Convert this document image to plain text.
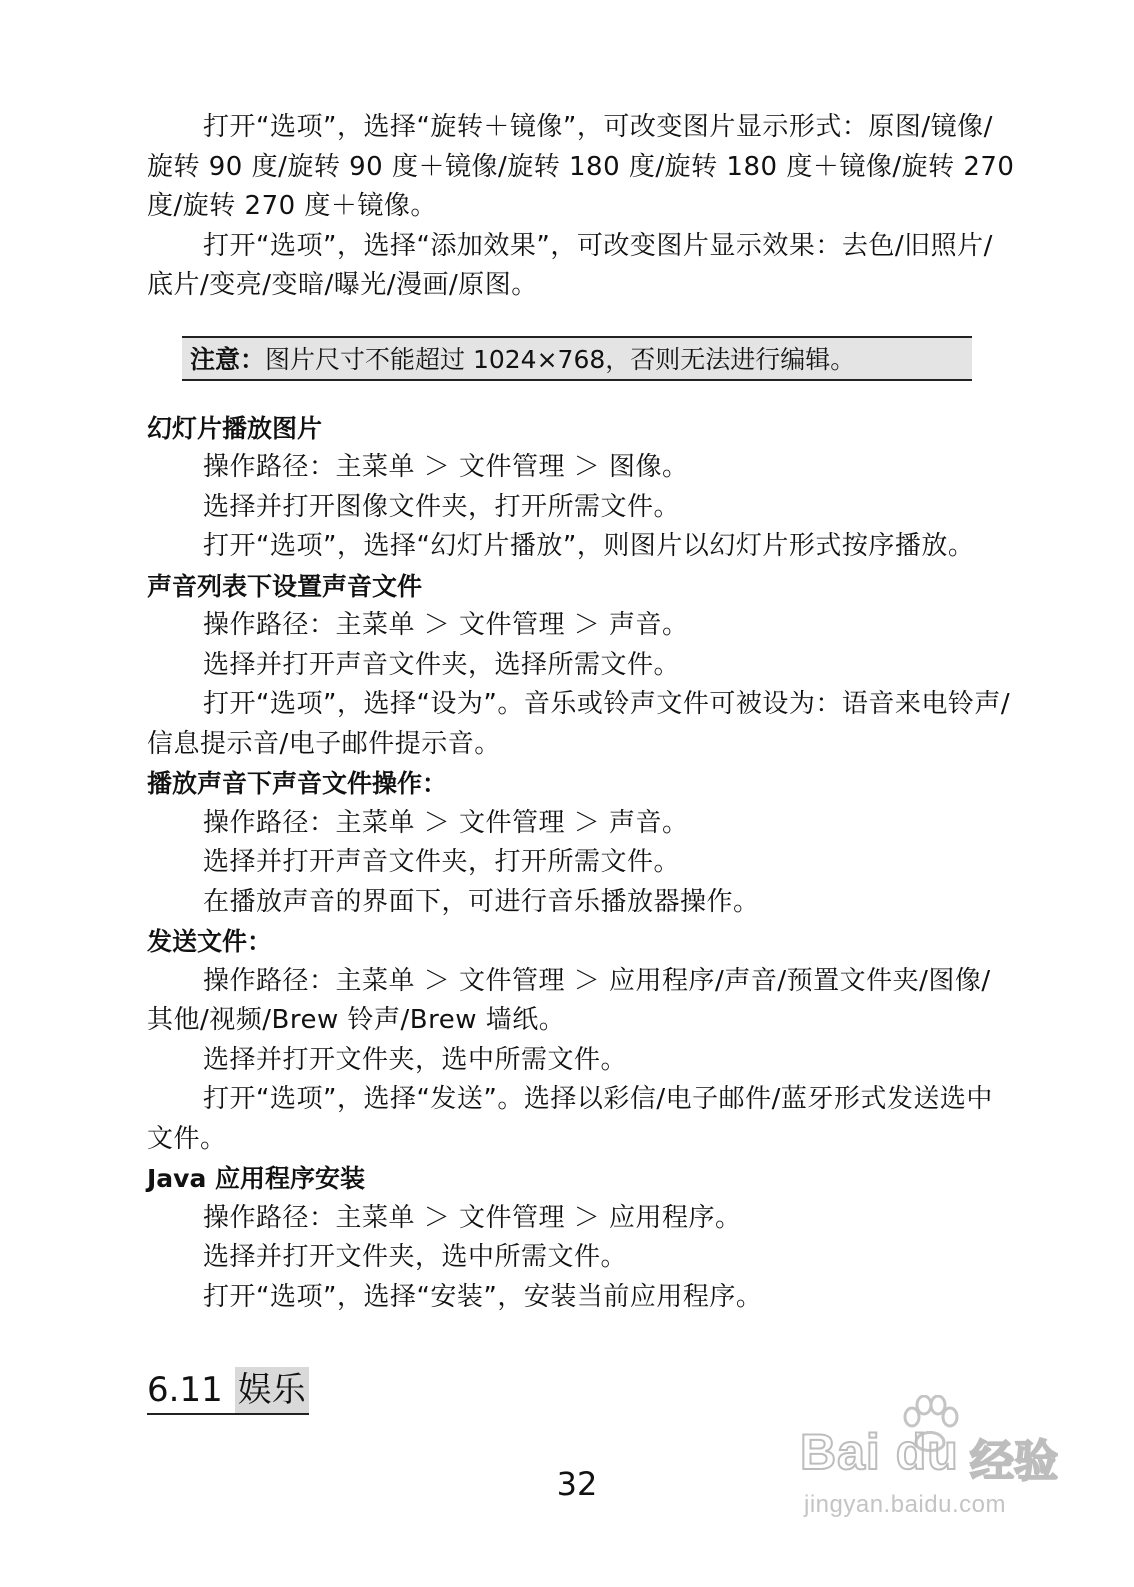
打开“选项”，选择“旋转＋镜像”，可改变图片显示形式：原图/镜像/旋转 90 度/旋转 90 度＋镜像/旋转 180 度/旋转 180 度＋镜像/旋转 270 度/旋转 270 度＋镜像。

打开“选项”，选择“添加效果”，可改变图片显示效果：去色/旧照片/底片/变亮/变暗/曝光/漫画/原图。

注意：图片尺寸不能超过 1024×768，否则无法进行编辑。

幻灯片播放图片

操作路径：主菜单 ＞ 文件管理 ＞ 图像。

选择并打开图像文件夹，打开所需文件。

打开“选项”，选择“幻灯片播放”，则图片以幻灯片形式按序播放。

声音列表下设置声音文件

操作路径：主菜单 ＞ 文件管理 ＞ 声音。

选择并打开声音文件夹，选择所需文件。

打开“选项”，选择“设为”。音乐或铃声文件可被设为：语音来电铃声/信息提示音/电子邮件提示音。

播放声音下声音文件操作：

操作路径：主菜单 ＞ 文件管理 ＞ 声音。

选择并打开声音文件夹，打开所需文件。

在播放声音的界面下，可进行音乐播放器操作。

发送文件：

操作路径：主菜单 ＞ 文件管理 ＞ 应用程序/声音/预置文件夹/图像/其他/视频/Brew 铃声/Brew 墙纸。

选择并打开文件夹，选中所需文件。

打开“选项”，选择“发送”。选择以彩信/电子邮件/蓝牙形式发送选中文件。

Java 应用程序安装

操作路径：主菜单 ＞ 文件管理 ＞ 应用程序。

选择并打开文件夹，选中所需文件。

打开“选项”，选择“安装”，安装当前应用程序。

6.11 娱乐
32
Bai du 经验
jingyan.baidu.com
